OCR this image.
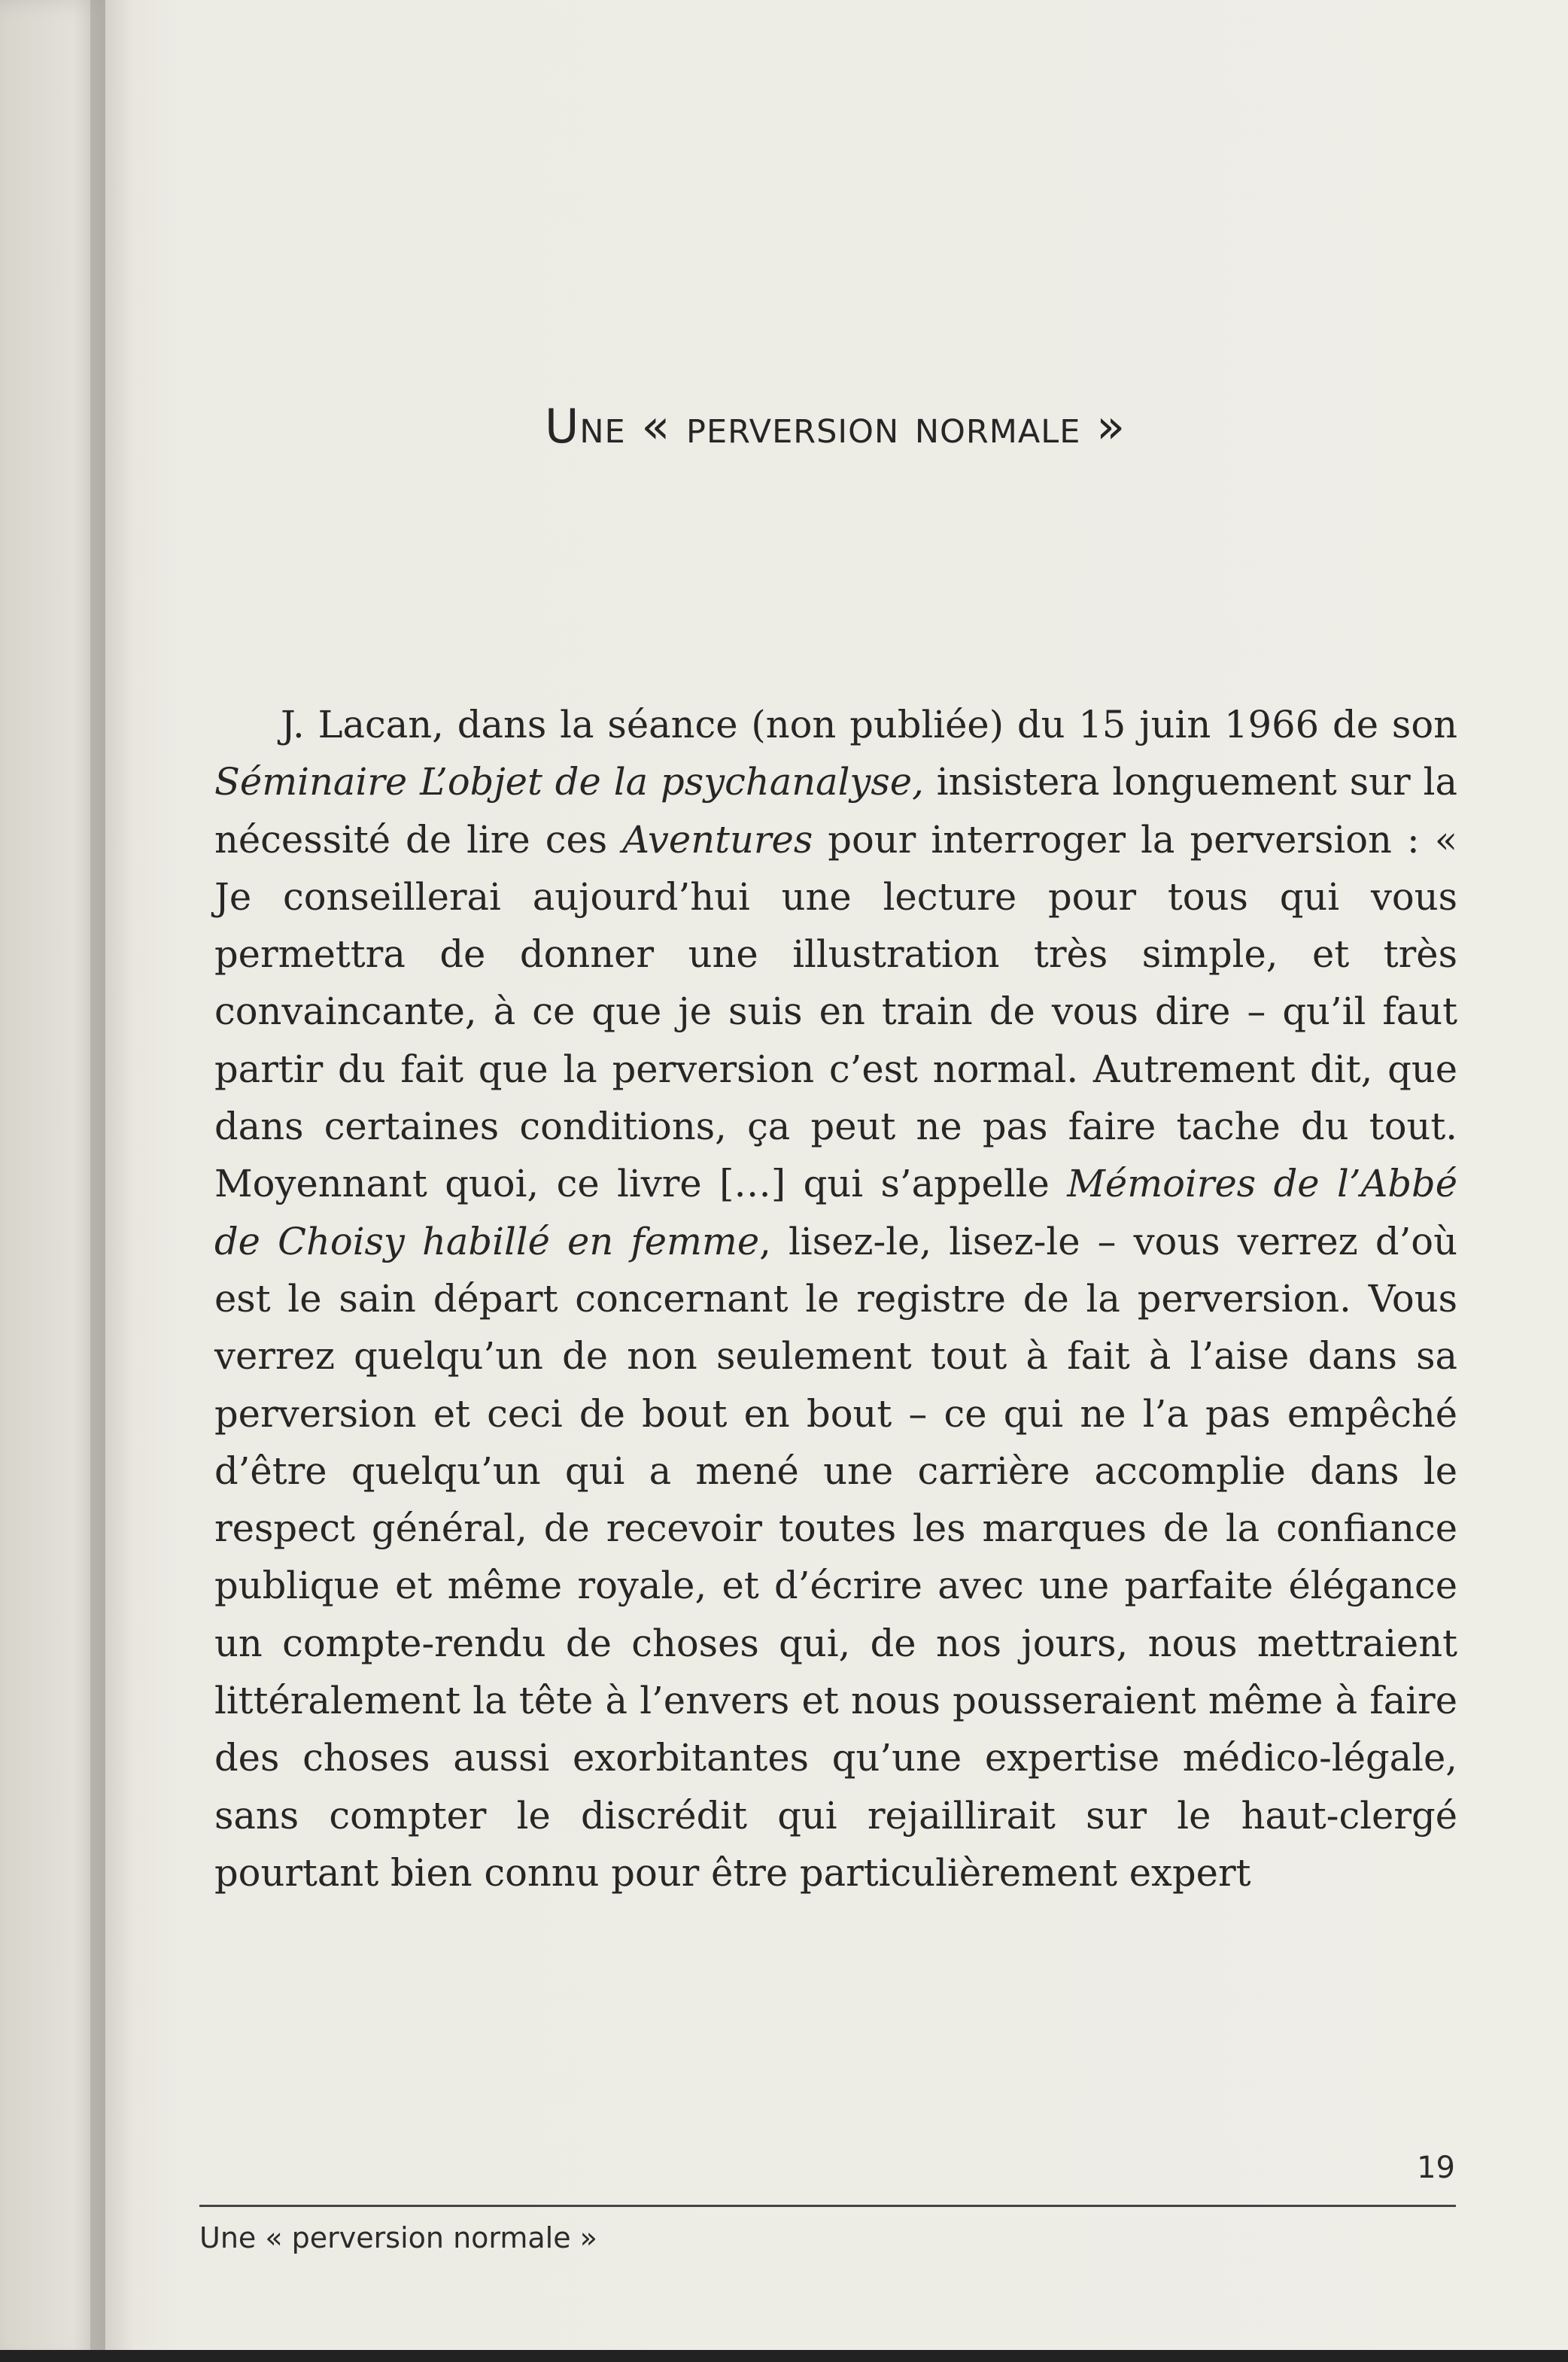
Une « perversion normale »

J. Lacan, dans la séance (non publiée) du 15 juin 1966 de son Séminaire L’objet de la psychanalyse, insistera longuement sur la nécessité de lire ces Aventures pour interroger la perversion : « Je conseillerai aujourd’hui une lecture pour tous qui vous permettra de donner une illustration très simple, et très convaincante, à ce que je suis en train de vous dire – qu’il faut partir du fait que la perversion c’est normal. Autrement dit, que dans certaines conditions, ça peut ne pas faire tache du tout. Moyennant quoi, ce livre […] qui s’appelle Mémoires de l’Abbé de Choisy habillé en femme, lisez-le, lisez-le – vous verrez d’où est le sain départ concernant le registre de la perversion. Vous verrez quelqu’un de non seulement tout à fait à l’aise dans sa perversion et ceci de bout en bout – ce qui ne l’a pas empêché d’être quelqu’un qui a mené une carrière accomplie dans le respect général, de recevoir toutes les marques de la confiance publique et même royale, et d’écrire avec une parfaite élégance un compte-rendu de choses qui, de nos jours, nous mettraient littéralement la tête à l’envers et nous pousseraient même à faire des choses aussi exorbitantes qu’une expertise médico-légale, sans compter le discrédit qui rejaillirait sur le haut-clergé pourtant bien connu pour être particulièrement expert

19
Une « perversion normale »
